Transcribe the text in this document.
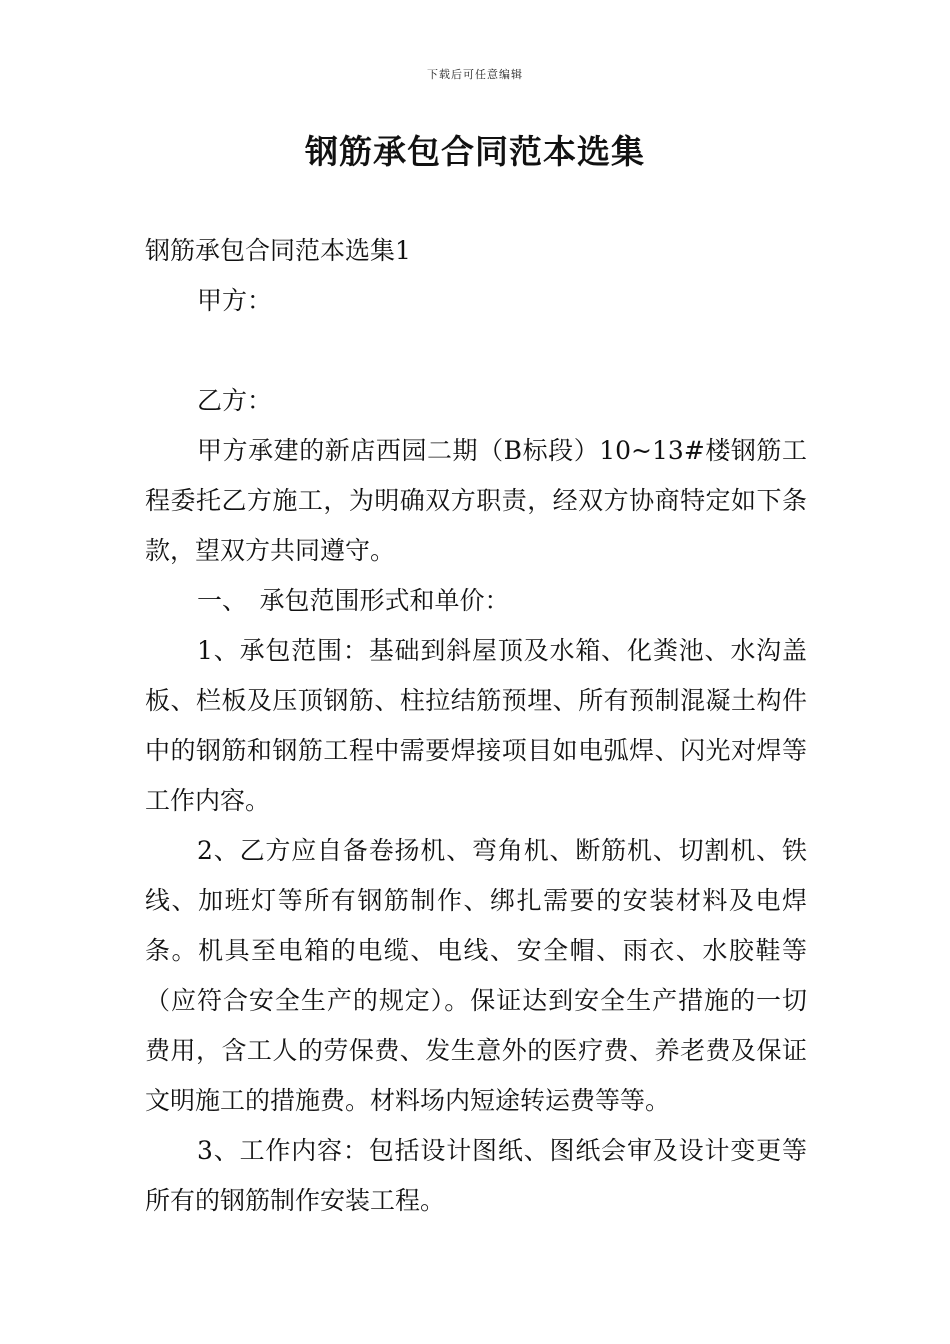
下载后可任意编辑
钢筋承包合同范本选集
钢筋承包合同范本选集1

甲方：

乙方：

甲方承建的新店西园二期（B标段）10~13#楼钢筋工程委托乙方施工，为明确双方职责，经双方协商特定如下条款，望双方共同遵守。

一、　承包范围形式和单价：

1、承包范围：基础到斜屋顶及水箱、化粪池、水沟盖板、栏板及压顶钢筋、柱拉结筋预埋、所有预制混凝土构件中的钢筋和钢筋工程中需要焊接项目如电弧焊、闪光对焊等工作内容。

2、乙方应自备卷扬机、弯角机、断筋机、切割机、铁线、加班灯等所有钢筋制作、绑扎需要的安装材料及电焊条。机具至电箱的电缆、电线、安全帽、雨衣、水胶鞋等（应符合安全生产的规定）。保证达到安全生产措施的一切费用，含工人的劳保费、发生意外的医疗费、养老费及保证文明施工的措施费。材料场内短途转运费等等。

3、工作内容：包括设计图纸、图纸会审及设计变更等所有的钢筋制作安装工程。
